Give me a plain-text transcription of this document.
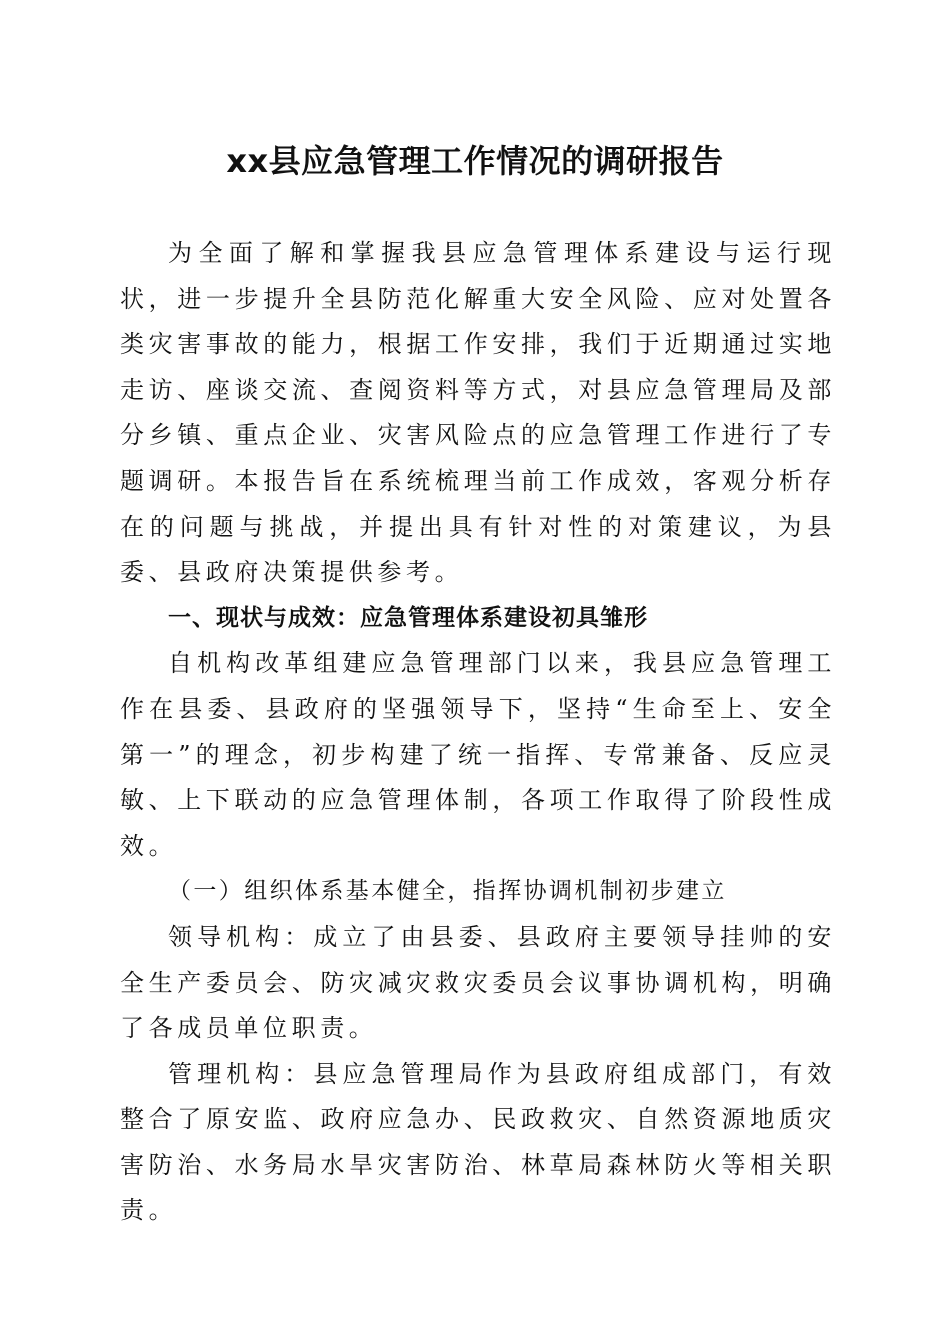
xx县应急管理工作情况的调研报告

为全面了解和掌握我县应急管理体系建设与运行现状，进一步提升全县防范化解重大安全风险、应对处置各类灾害事故的能力，根据工作安排，我们于近期通过实地走访、座谈交流、查阅资料等方式，对县应急管理局及部分乡镇、重点企业、灾害风险点的应急管理工作进行了专题调研。本报告旨在系统梳理当前工作成效，客观分析存在的问题与挑战，并提出具有针对性的对策建议，为县委、县政府决策提供参考。

一、现状与成效：应急管理体系建设初具雏形

自机构改革组建应急管理部门以来，我县应急管理工作在县委、县政府的坚强领导下，坚持“生命至上、安全第一”的理念，初步构建了统一指挥、专常兼备、反应灵敏、上下联动的应急管理体制，各项工作取得了阶段性成效。

（一）组织体系基本健全，指挥协调机制初步建立

领导机构：成立了由县委、县政府主要领导挂帅的安全生产委员会、防灾减灾救灾委员会议事协调机构，明确了各成员单位职责。

管理机构：县应急管理局作为县政府组成部门，有效整合了原安监、政府应急办、民政救灾、自然资源地质灾害防治、水务局水旱灾害防治、林草局森林防火等相关职责。
